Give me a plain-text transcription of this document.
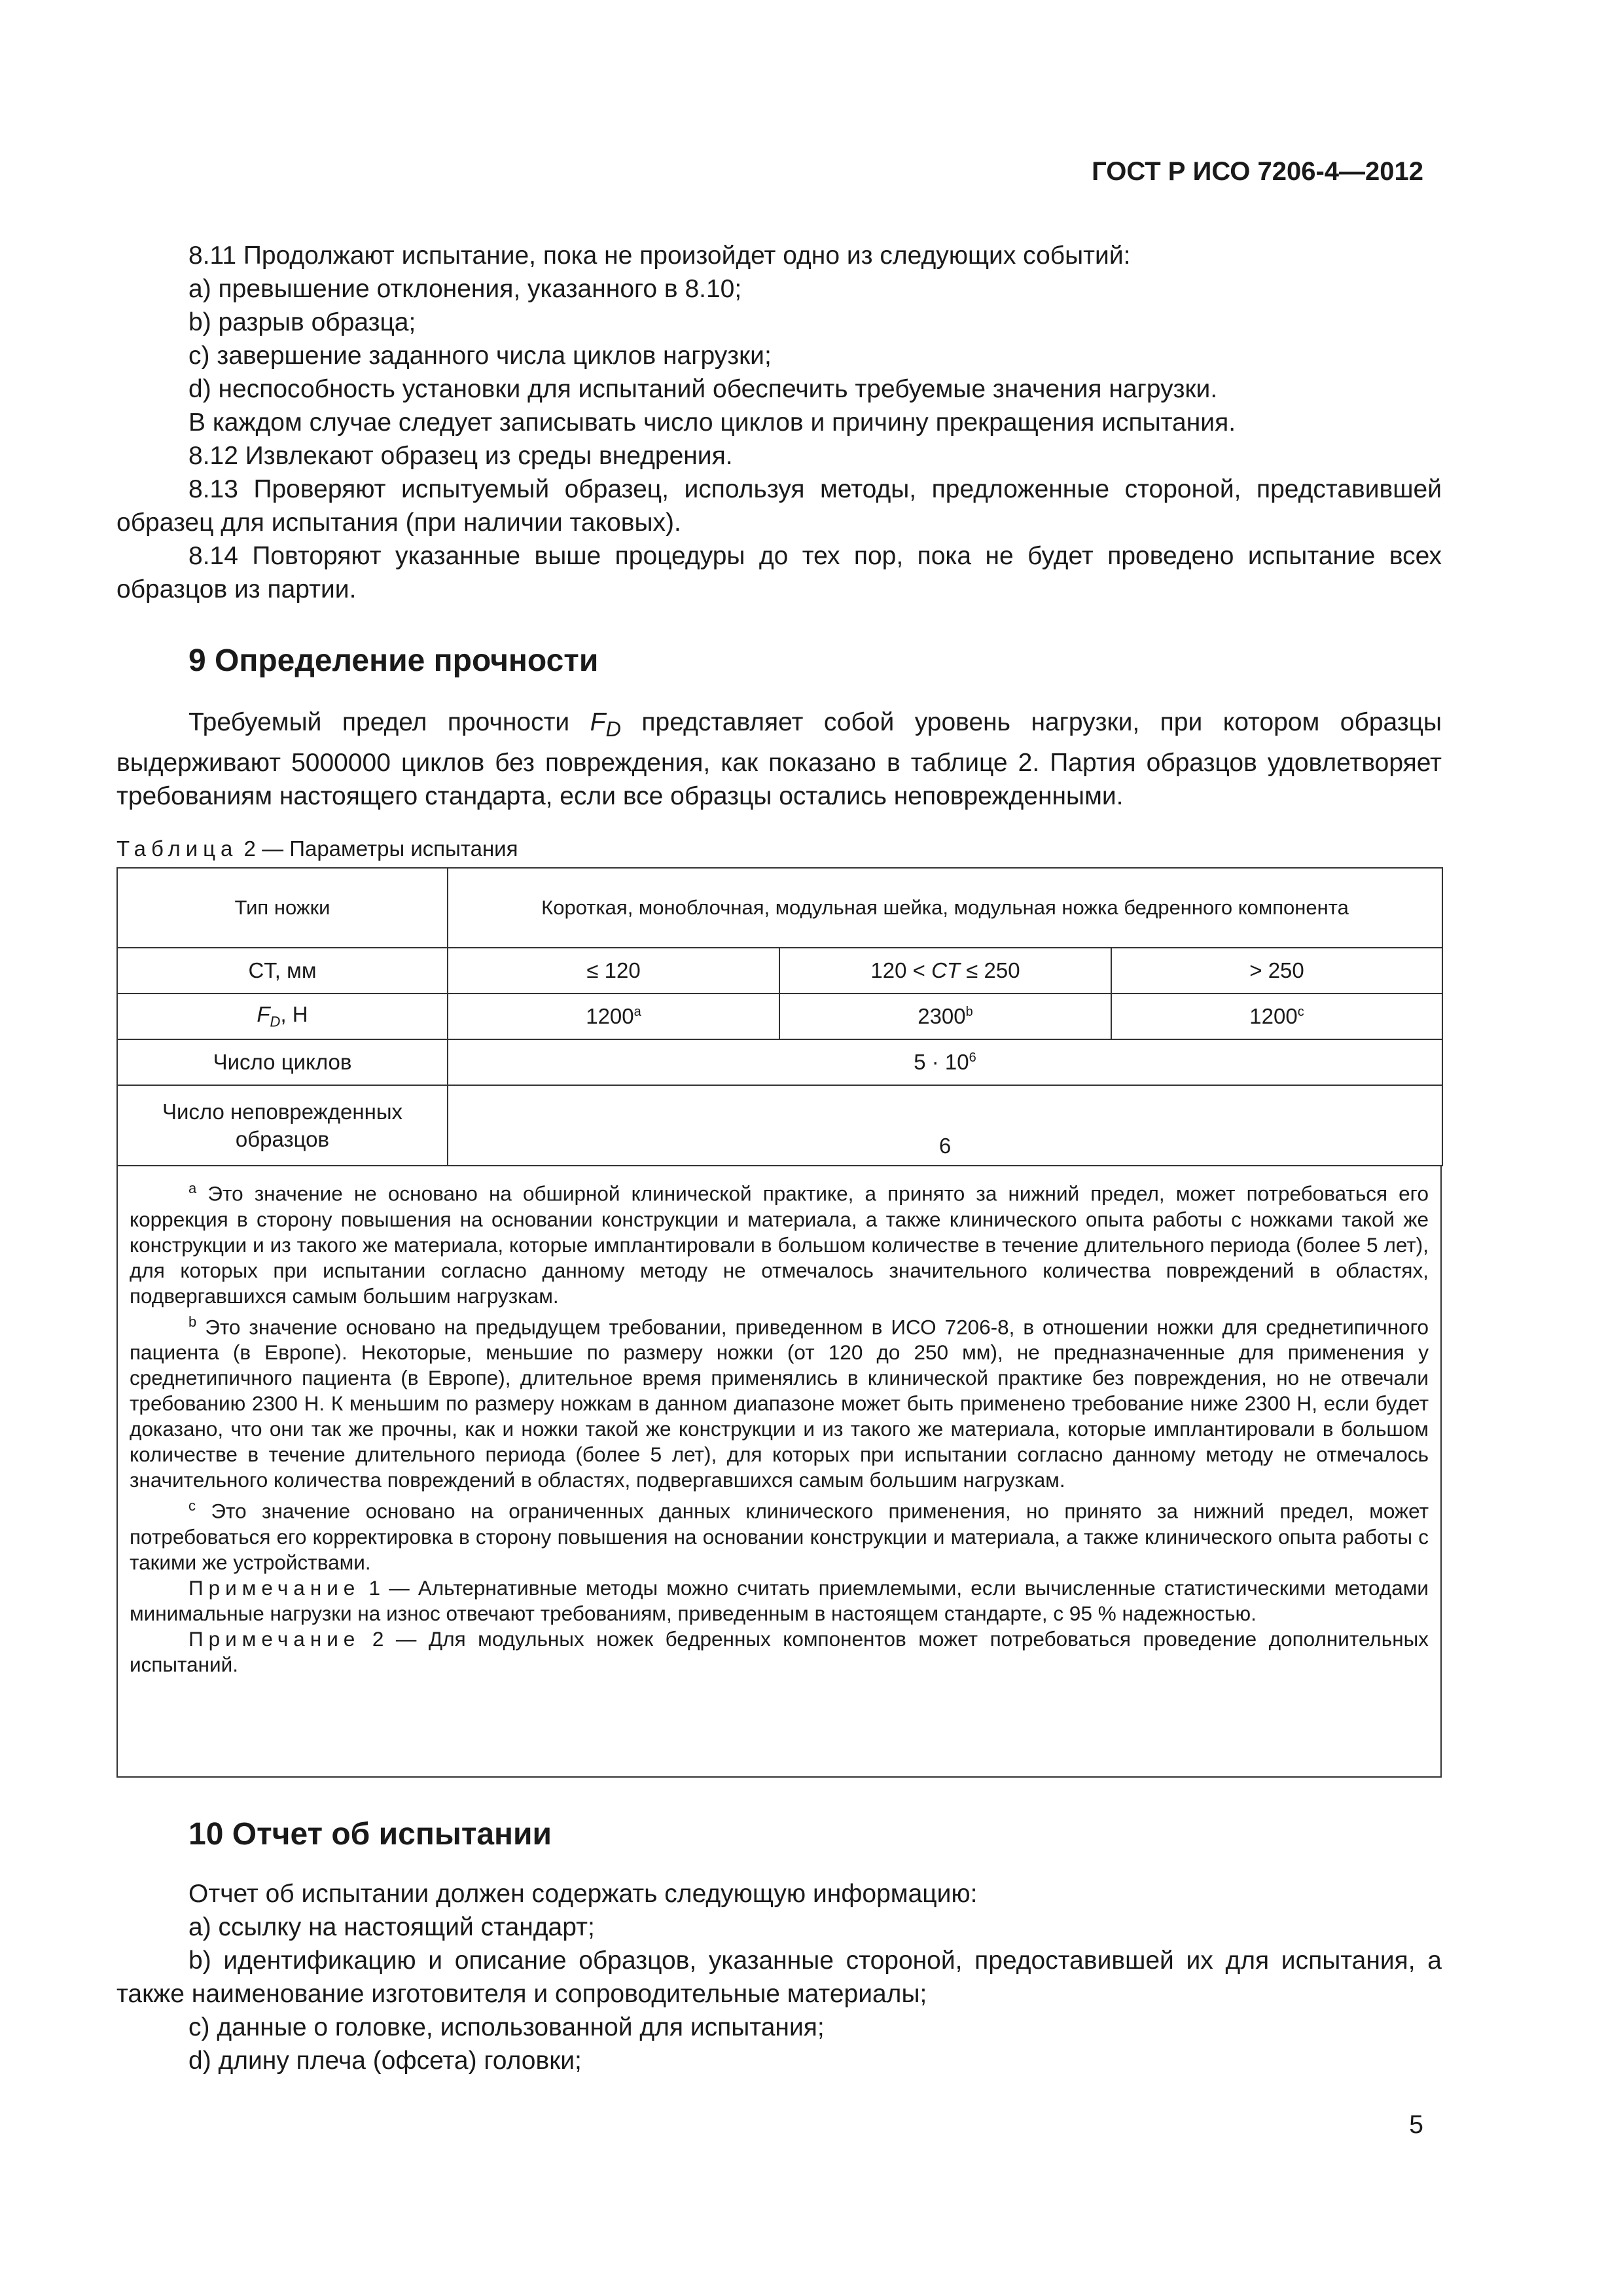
ГОСТ Р ИСО 7206-4—2012

8.11 Продолжают испытание, пока не произойдет одно из следующих событий:

a) превышение отклонения, указанного в 8.10;

b) разрыв образца;

c) завершение заданного числа циклов нагрузки;

d) неспособность установки для испытаний обеспечить требуемые значения нагрузки.

В каждом случае следует записывать число циклов и причину прекращения испытания.

8.12 Извлекают образец из среды внедрения.

8.13 Проверяют испытуемый образец, используя методы, предложенные стороной, представившей образец для испытания (при наличии таковых).

8.14 Повторяют указанные выше процедуры до тех пор, пока не будет проведено испытание всех образцов из партии.

9 Определение прочности

Требуемый предел прочности $F_D$ представляет собой уровень нагрузки, при котором образцы выдерживают 5000000 циклов без повреждения, как показано в таблице 2. Партия образцов удовлетворяет требованиям настоящего стандарта, если все образцы остались неповрежденными.

Таблица 2 — Параметры испытания
Тип ножки	Короткая, моноблочная, модульная шейка, модульная ножка бедренного компонента		
CT, мм	≤ 120	120 < CT ≤ 250	> 250
$F_D$, Н	1200$^a$	2300$^b$	1200$^c$
Число циклов	$5 \cdot 10^6$
Число неповрежденных образцов	6		

$^a$ Это значение не основано на обширной клинической практике, а принято за нижний предел, может потребоваться его коррекция в сторону повышения на основании конструкции и материала, а также клинического опыта работы с ножками такой же конструкции и из такого же материала, которые имплантировали в большом количестве в течение длительного периода (более 5 лет), для которых при испытании согласно данному методу не отмечалось значительного количества повреждений в областях, подвергавшихся самым большим нагрузкам.

$^b$ Это значение основано на предыдущем требовании, приведенном в ИСО 7206-8, в отношении ножки для среднетипичного пациента (в Европе). Некоторые, меньшие по размеру ножки (от 120 до 250 мм), не предназначенные для применения у среднетипичного пациента (в Европе), длительное время применялись в клинической практике без повреждения, но не отвечали требованию 2300 Н. К меньшим по размеру ножкам в данном диапазоне может быть применено требование ниже 2300 Н, если будет доказано, что они так же прочны, как и ножки такой же конструкции и из такого же материала, которые имплантировали в большом количестве в течение длительного периода (более 5 лет), для которых при испытании согласно данному методу не отмечалось значительного количества повреждений в областях, подвергавшихся самым большим нагрузкам.

$^c$ Это значение основано на ограниченных данных клинического применения, но принято за нижний предел, может потребоваться его корректировка в сторону повышения на основании конструкции и материала, а также клинического опыта работы с такими же устройствами.

Примечание 1 — Альтернативные методы можно считать приемлемыми, если вычисленные статистическими методами минимальные нагрузки на износ отвечают требованиям, приведенным в настоящем стандарте, с 95 % надежностью.

Примечание 2 — Для модульных ножек бедренных компонентов может потребоваться проведение дополнительных испытаний.

10 Отчет об испытании

Отчет об испытании должен содержать следующую информацию:

a) ссылку на настоящий стандарт;

b) идентификацию и описание образцов, указанные стороной, предоставившей их для испытания, а также наименование изготовителя и сопроводительные материалы;

c) данные о головке, использованной для испытания;

d) длину плеча (офсета) головки;

5
